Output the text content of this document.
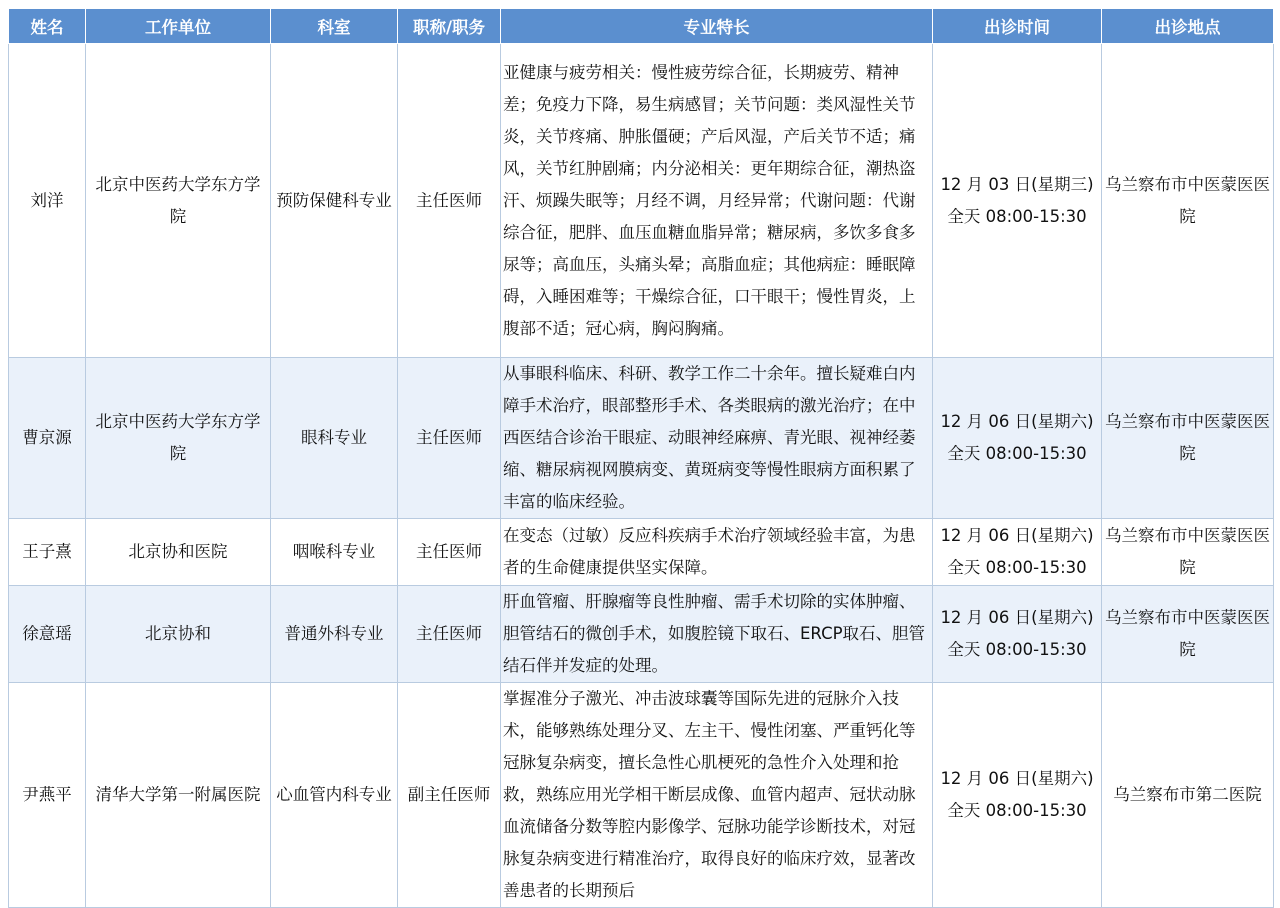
姓名	工作单位	科室	职称/职务	专业特长	出诊时间	出诊地点
刘洋	北京中医药大学东方学院	预防保健科专业	主任医师	亚健康与疲劳相关：慢性疲劳综合征，长期疲劳、精神差；免疫力下降，易生病感冒；关节问题：类风湿性关节炎，关节疼痛、肿胀僵硬；产后风湿，产后关节不适；痛风，关节红肿剧痛；内分泌相关：更年期综合征，潮热盗汗、烦躁失眠等；月经不调，月经异常；代谢问题：代谢综合征，肥胖、血压血糖血脂异常；糖尿病，多饮多食多尿等；高血压，头痛头晕；高脂血症；其他病症：睡眠障碍，入睡困难等；干燥综合征，口干眼干；慢性胃炎，上腹部不适；冠心病，胸闷胸痛。	12 月 03 日(星期三)
全天 08:00-15:30	乌兰察布市中医蒙医医院
曹京源	北京中医药大学东方学院	眼科专业	主任医师	从事眼科临床、科研、教学工作二十余年。擅长疑难白内障手术治疗，眼部整形手术、各类眼病的激光治疗；在中西医结合诊治干眼症、动眼神经麻痹、青光眼、视神经萎缩、糖尿病视网膜病变、黄斑病变等慢性眼病方面积累了丰富的临床经验。	12 月 06 日(星期六)
全天 08:00-15:30	乌兰察布市中医蒙医医院
王子熹	北京协和医院	咽喉科专业	主任医师	在变态（过敏）反应科疾病手术治疗领域经验丰富，为患者的生命健康提供坚实保障。	12 月 06 日(星期六)
全天 08:00-15:30	乌兰察布市中医蒙医医院
徐意瑶	北京协和	普通外科专业	主任医师	肝血管瘤、肝腺瘤等良性肿瘤、需手术切除的实体肿瘤、胆管结石的微创手术，如腹腔镜下取石、ERCP取石、胆管结石伴并发症的处理。	12 月 06 日(星期六)
全天 08:00-15:30	乌兰察布市中医蒙医医院
尹燕平	清华大学第一附属医院	心血管内科专业	副主任医师	掌握准分子激光、冲击波球囊等国际先进的冠脉介入技术，能够熟练处理分叉、左主干、慢性闭塞、严重钙化等冠脉复杂病变，擅长急性心肌梗死的急性介入处理和抢救，熟练应用光学相干断层成像、血管内超声、冠状动脉血流储备分数等腔内影像学、冠脉功能学诊断技术，对冠脉复杂病变进行精准治疗，取得良好的临床疗效，显著改善患者的长期预后	12 月 06 日(星期六)
全天 08:00-15:30	乌兰察布市第二医院
